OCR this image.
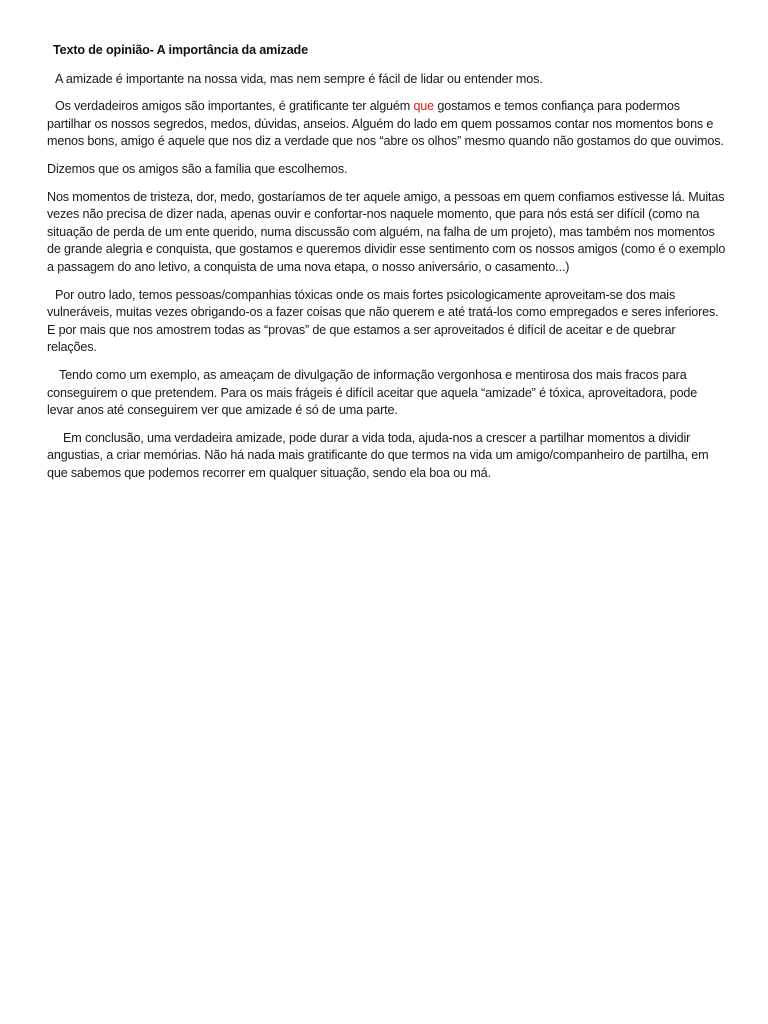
Texto de opinião- A importância da amizade

A amizade é importante na nossa vida, mas nem sempre é fácil de lidar ou entender mos.

Os verdadeiros amigos são importantes, é gratificante ter alguém que gostamos e temos confiança para podermos partilhar os nossos segredos, medos, dúvidas, anseios. Alguém do lado em quem possamos contar nos momentos bons e menos bons, amigo é aquele que nos diz a verdade que nos “abre os olhos” mesmo quando não gostamos do que ouvimos.

Dizemos que os amigos são a família que escolhemos.

Nos momentos de tristeza, dor, medo, gostaríamos de ter aquele amigo, a pessoas em quem confiamos estivesse lá. Muitas vezes não precisa de dizer nada, apenas ouvir e confortar-nos naquele momento, que para nós está ser difícil (como na situação de perda de um ente querido, numa discussão com alguém, na falha de um projeto), mas também nos momentos de grande alegria e conquista, que gostamos e queremos dividir esse sentimento com os nossos amigos (como é o exemplo a passagem do ano letivo, a conquista de uma nova etapa, o nosso aniversário, o casamento...)

Por outro lado, temos pessoas/companhias tóxicas onde os mais fortes psicologicamente aproveitam-se dos mais vulneráveis, muitas vezes obrigando-os a fazer coisas que não querem e até tratá-los como empregados e seres inferiores. E por mais que nos amostrem todas as “provas” de que estamos a ser aproveitados é difícil de aceitar e de quebrar relações.

Tendo como um exemplo, as ameaçam de divulgação de informação vergonhosa e mentirosa dos mais fracos para conseguirem o que pretendem. Para os mais frágeis é difícil aceitar que aquela “amizade” é tóxica, aproveitadora, pode levar anos até conseguirem ver que amizade é só de uma parte.

Em conclusão, uma verdadeira amizade, pode durar a vida toda, ajuda-nos a crescer a partilhar momentos a dividir angustias, a criar memórias. Não há nada mais gratificante do que termos na vida um amigo/companheiro de partilha, em que sabemos que podemos recorrer em qualquer situação, sendo ela boa ou má.
